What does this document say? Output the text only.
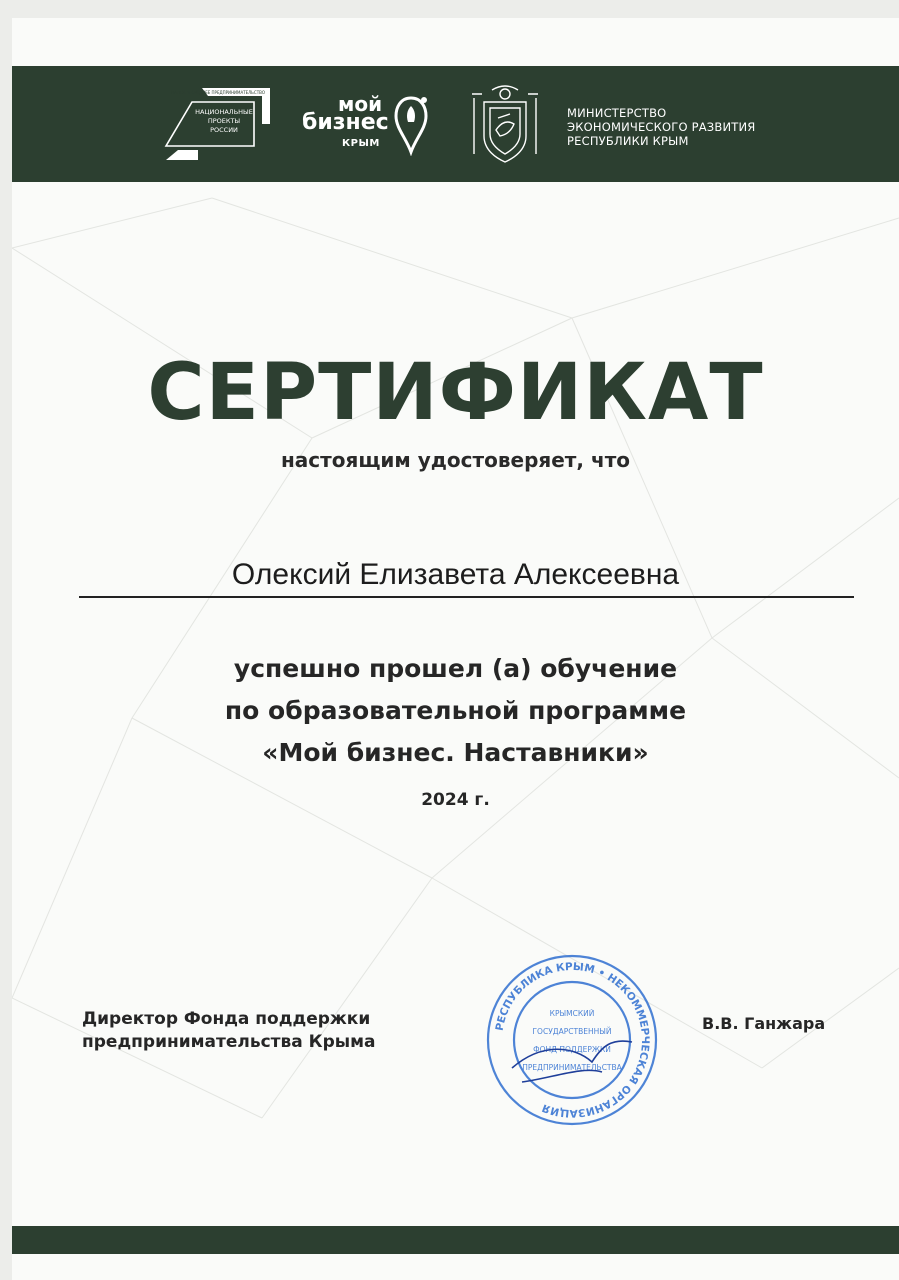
МАЛОЕ И СРЕДНЕЕ ПРЕДПРИНИМАТЕЛЬСТВО
НАЦИОНАЛЬНЫЕ
ПРОЕКТЫ
РОССИИ
мой
бизнес
КРЫМ
МИНИСТЕРСТВО
ЭКОНОМИЧЕСКОГО РАЗВИТИЯ
РЕСПУБЛИКИ КРЫМ
СЕРТИФИКАТ
настоящим удостоверяет, что
Олексий Елизавета Алексеевна
успешно прошел (а) обучение
по образовательной программе
«Мой бизнес. Наставники»
2024 г.
Директор Фонда поддержки
предпринимательства Крыма
РЕСПУБЛИКА КРЫМ • НЕКОММЕРЧЕСКАЯ ОРГАНИЗАЦИЯ
КРЫМСКИЙ
ГОСУДАРСТВЕННЫЙ
ФОНД ПОДДЕРЖКИ
ПРЕДПРИНИМАТЕЛЬСТВА
В.В. Ганжара
